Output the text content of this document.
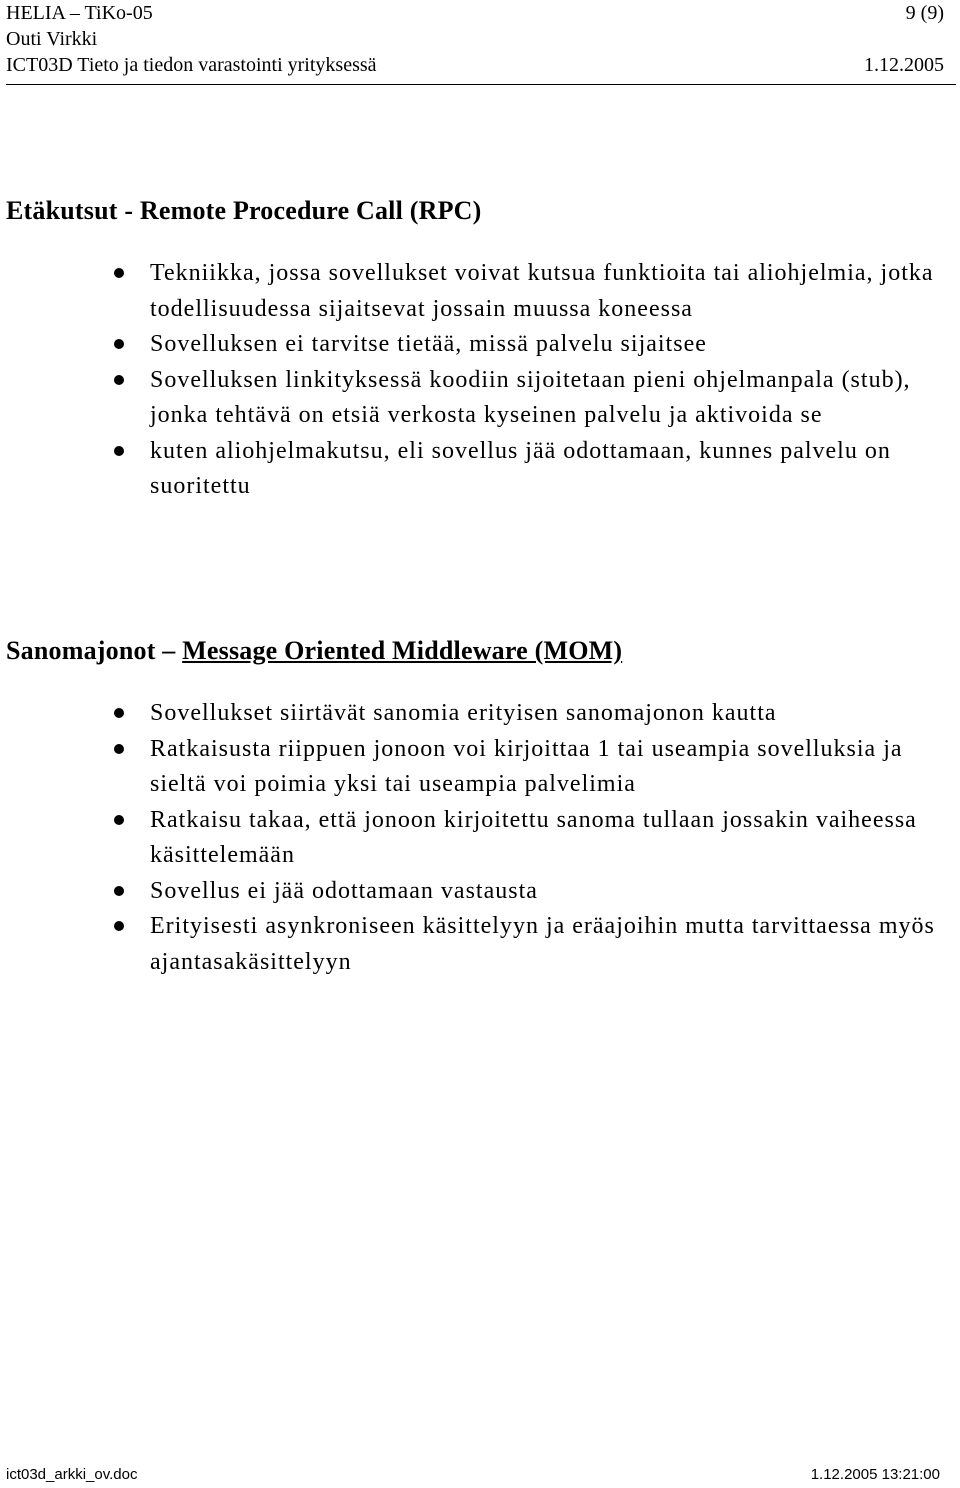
HELIA – TiKo-05	9 (9)
Outi Virkki
ICT03D Tieto ja tiedon varastointi yrityksessä	1.12.2005
Etäkutsut - Remote Procedure Call (RPC)
Tekniikka, jossa sovellukset voivat kutsua funktioita tai aliohjelmia, jotka todellisuudessa sijaitsevat jossain muussa koneessa
Sovelluksen ei tarvitse tietää, missä palvelu sijaitsee
Sovelluksen linkityksessä koodiin sijoitetaan pieni ohjelmanpala (stub), jonka tehtävä on etsiä verkosta kyseinen palvelu ja aktivoida se
kuten aliohjelmakutsu, eli sovellus jää odottamaan, kunnes palvelu on suoritettu
Sanomajonot – Message Oriented Middleware (MOM)
Sovellukset siirtävät sanomia erityisen sanomajonon kautta
Ratkaisusta riippuen jonoon voi kirjoittaa 1 tai useampia sovelluksia ja sieltä voi poimia yksi tai useampia palvelimia
Ratkaisu takaa, että jonoon kirjoitettu sanoma tullaan jossakin vaiheessa käsittelemään
Sovellus ei jää odottamaan vastausta
Erityisesti asynkroniseen käsittelyyn ja eräajoihin mutta tarvittaessa myös ajantasakäsittelyyn
ict03d_arkki_ov.doc	1.12.2005 13:21:00
